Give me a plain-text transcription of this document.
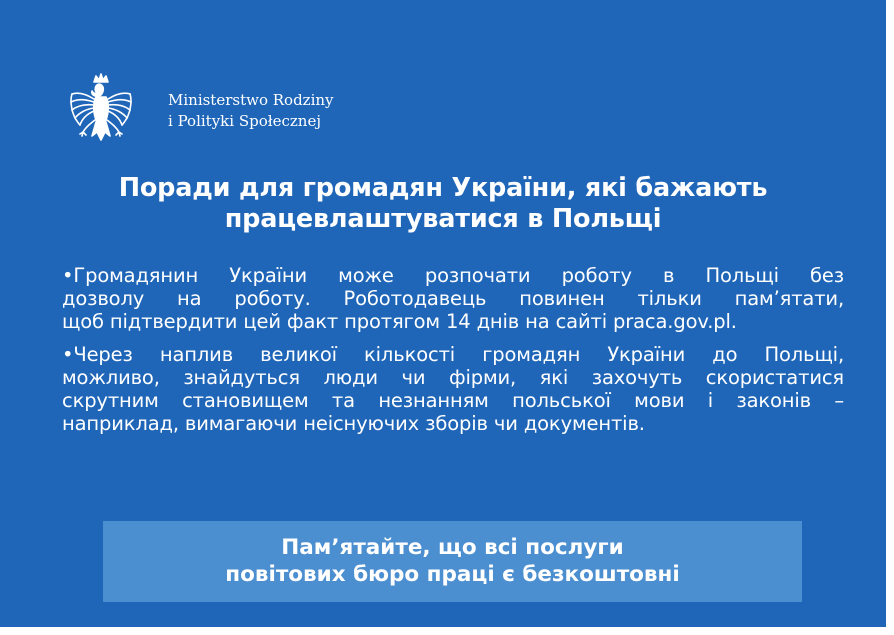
Ministerstwo Rodziny
i Polityki Społecznej
Поради для громадян України, які бажають
працевлаштуватися в Польщі

•Громадянин України може розпочати роботу в Польщі без
дозволу на роботу. Роботодавець повинен тільки пам’ятати,
щоб підтвердити цей факт протягом 14 днів на сайті praca.gov.pl.

•Через наплив великої кількості громадян України до Польщі,
можливо, знайдуться люди чи фірми, які захочуть скористатися
скрутним становищем та незнанням польської мови і законів –
наприклад, вимагаючи неіснуючих зборів чи документів.

Пам’ятайте, що всі послуги
повітових бюро праці є безкоштовні
